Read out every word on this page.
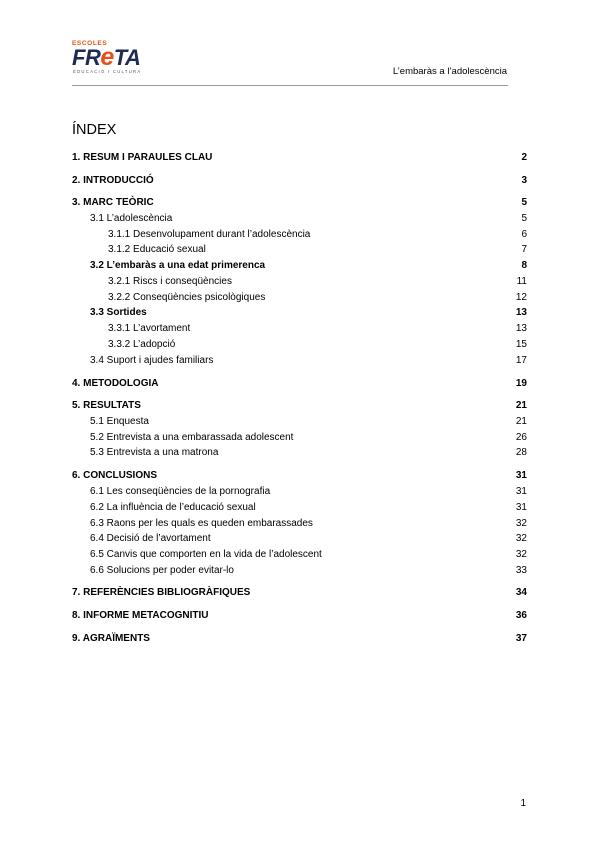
ESCOLES
FReTA
EDUCACIÓ I CULTURA	L’embaràs a l’adolescència
ÍNDEX
1. RESUM I PARAULES CLAU	2
2. INTRODUCCIÓ	3
3. MARC TEÒRIC	5
3.1 L’adolescència	5
3.1.1 Desenvolupament durant l’adolescència	6
3.1.2 Educació sexual	7
3.2 L’embaràs a una edat primerenca	8
3.2.1 Riscs i conseqüències	11
3.2.2 Conseqüències psicològiques	12
3.3 Sortides	13
3.3.1 L’avortament	13
3.3.2 L’adopció	15
3.4 Suport i ajudes familiars	17
4. METODOLOGIA	19
5. RESULTATS	21
5.1 Enquesta	21
5.2 Entrevista a una embarassada adolescent	26
5.3 Entrevista a una matrona	28
6. CONCLUSIONS	31
6.1 Les conseqüències de la pornografia	31
6.2 La influència de l’educació sexual	31
6.3 Raons per les quals es queden embarassades	32
6.4 Decisió de l’avortament	32
6.5 Canvis que comporten en la vida de l’adolescent	32
6.6 Solucions per poder evitar-lo	33
7. REFERÈNCIES BIBLIOGRÀFIQUES	34
8. INFORME METACOGNITIU	36
9. AGRAÏMENTS	37
1
